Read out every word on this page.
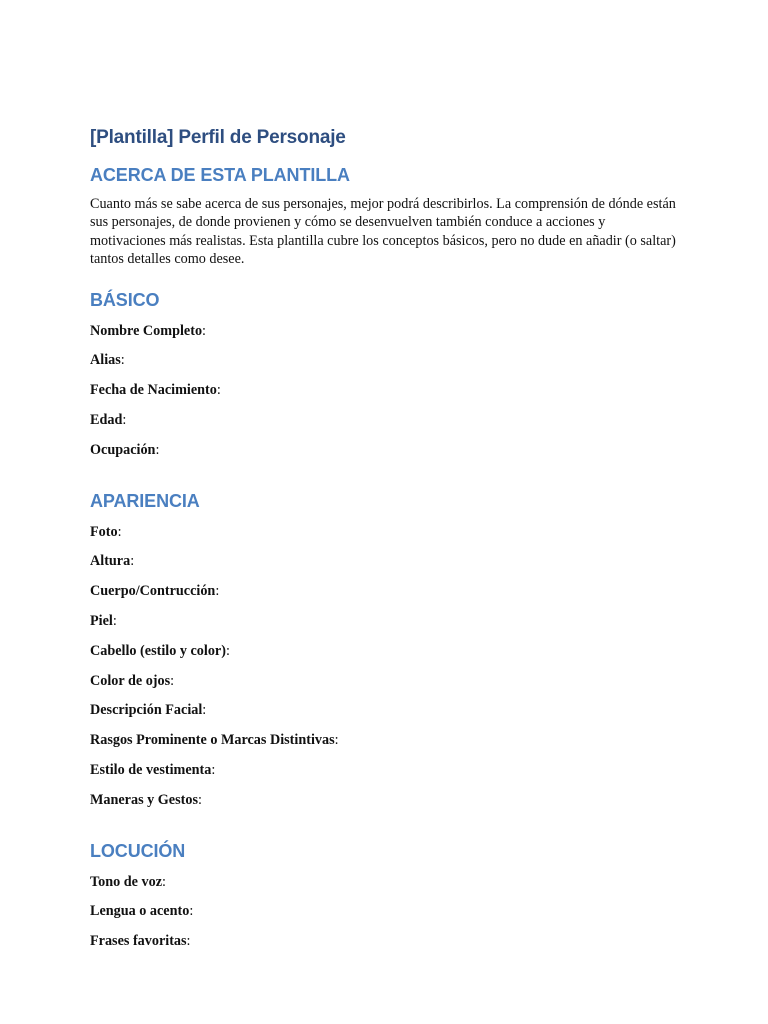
[Plantilla] Perfil de Personaje
ACERCA DE ESTA PLANTILLA

Cuanto más se sabe acerca de sus personajes, mejor podrá describirlos. La comprensión de dónde están sus personajes, de donde provienen y cómo se desenvuelven también conduce a acciones y motivaciones más realistas. Esta plantilla cubre los conceptos básicos, pero no dude en añadir (o saltar) tantos detalles como desee.

BÁSICO
Nombre Completo:
Alias:
Fecha de Nacimiento:
Edad:
Ocupación:
APARIENCIA
Foto:
Altura:
Cuerpo/Contrucción:
Piel:
Cabello (estilo y color):
Color de ojos:
Descripción Facial:
Rasgos Prominente o Marcas Distintivas:
Estilo de vestimenta:
Maneras y Gestos:
LOCUCIÓN
Tono de voz:
Lengua o acento:
Frases favoritas:
